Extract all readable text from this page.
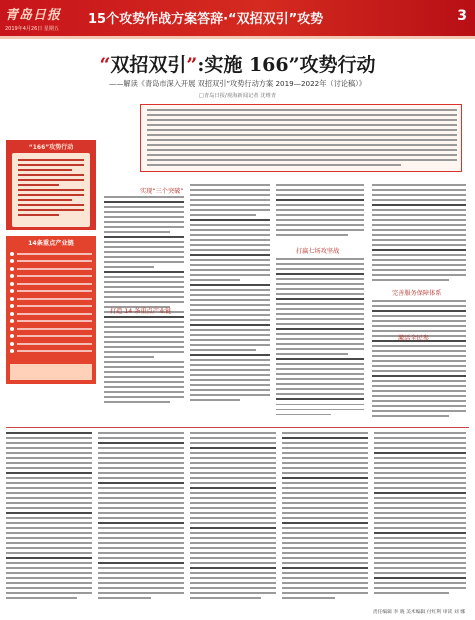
青岛日报
2019年4月26日 星期五
15个攻势作战方案答辞·“双招双引”攻势	3
“双招双引”:实施 166”攻势行动
——解读《青岛市深入开展 双招双引”攻势行动方案 2019—2022年（讨论稿）》
□青岛日报/观海新闻记者 沈维青
“166”攻势行动
14条重点产业链
实现“三个突破”
打造 14 条重点产业链
打赢七场攻坚战
完善服务保障体系
激活全民参
责任编辑 李 晓 美术编辑 付红利 审读 刘 娜
